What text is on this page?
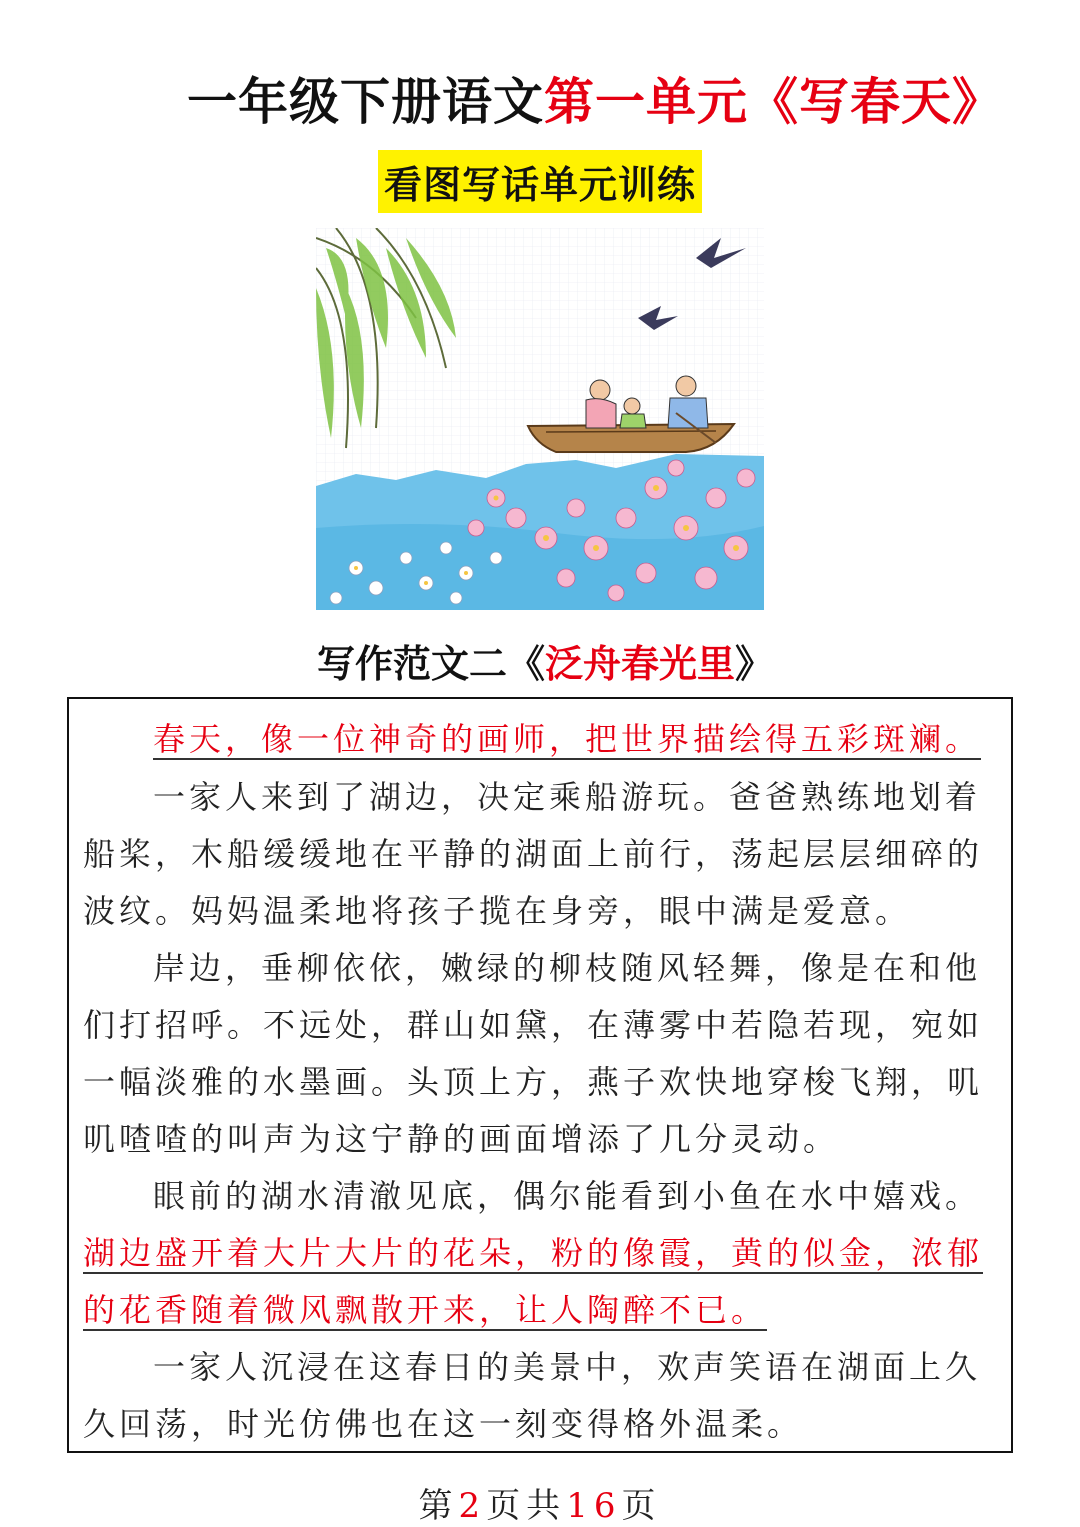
一年级下册语文第一单元《写春天》
看图写话单元训练
写作范文二《泛舟春光里》

春天，像一位神奇的画师，把世界描绘得五彩斑斓。

一家人来到了湖边，决定乘船游玩。爸爸熟练地划着船桨，木船缓缓地在平静的湖面上前行，荡起层层细碎的波纹。妈妈温柔地将孩子揽在身旁，眼中满是爱意。

岸边，垂柳依依，嫩绿的柳枝随风轻舞，像是在和他们打招呼。不远处，群山如黛，在薄雾中若隐若现，宛如一幅淡雅的水墨画。头顶上方，燕子欢快地穿梭飞翔，叽叽喳喳的叫声为这宁静的画面增添了几分灵动。

眼前的湖水清澈见底，偶尔能看到小鱼在水中嬉戏。湖边盛开着大片大片的花朵，粉的像霞，黄的似金，浓郁的花香随着微风飘散开来，让人陶醉不已。

一家人沉浸在这春日的美景中，欢声笑语在湖面上久久回荡，时光仿佛也在这一刻变得格外温柔。

第2页共16页
